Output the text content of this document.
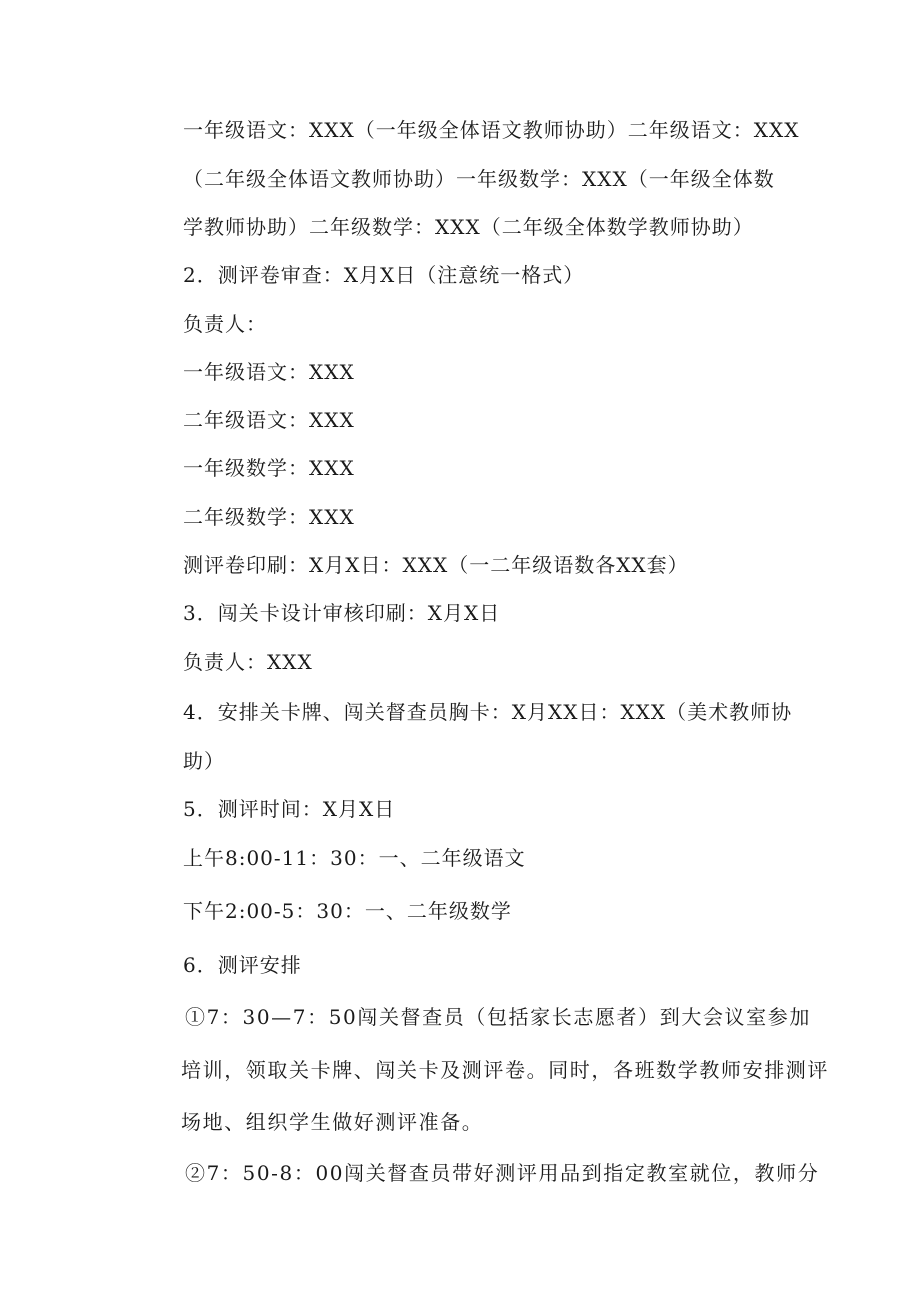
一年级语文：XXX（一年级全体语文教师协助）二年级语文：XXX
（二年级全体语文教师协助）一年级数学：XXX（一年级全体数
学教师协助）二年级数学：XXX（二年级全体数学教师协助）
2．测评卷审查：X月X日（注意统一格式）
负责人：
一年级语文：XXX
二年级语文：XXX
一年级数学：XXX
二年级数学：XXX
测评卷印刷：X月X日：XXX（一二年级语数各XX套）
3．闯关卡设计审核印刷：X月X日
负责人：XXX
4．安排关卡牌、闯关督查员胸卡：X月XX日：XXX（美术教师协
助）
5．测评时间：X月X日
上午8:00-11：30：一、二年级语文
下午2:00-5：30：一、二年级数学
6．测评安排
①7：30—7：50闯关督查员（包括家长志愿者）到大会议室参加
培训，领取关卡牌、闯关卡及测评卷。同时，各班数学教师安排测评
场地、组织学生做好测评准备。
②7：50-8：00闯关督查员带好测评用品到指定教室就位，教师分
